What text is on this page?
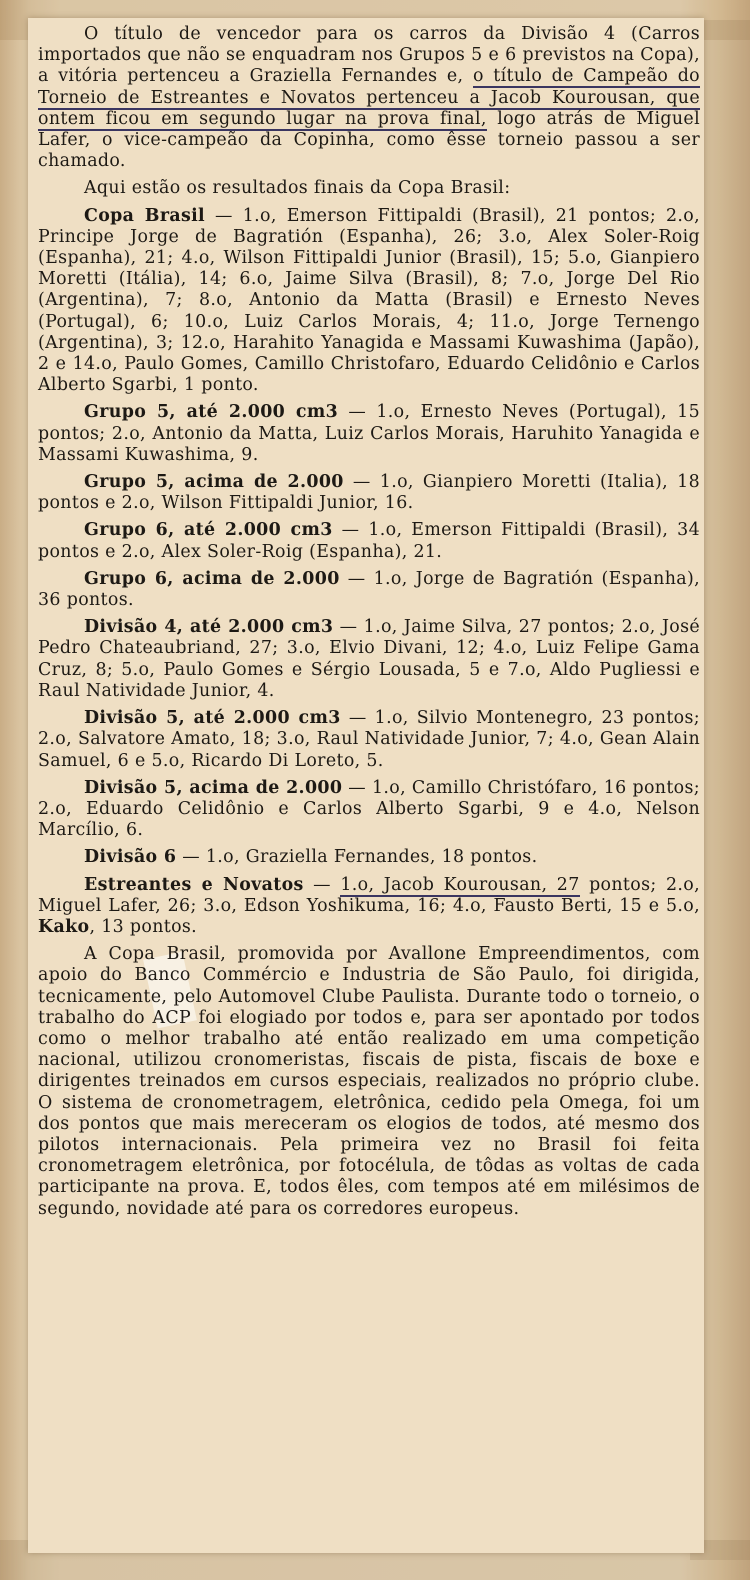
O título de vencedor para os carros da Divisão 4 (Carros importados que não se enquadram nos Grupos 5 e 6 previstos na Copa), a vitória pertenceu a Graziella Fernandes e, o título de Campeão do Torneio de Estreantes e Novatos pertenceu a Jacob Kourousan, que ontem ficou em segundo lugar na prova final, logo atrás de Miguel Lafer, o vice-campeão da Copinha, como êsse torneio passou a ser chamado.

Aqui estão os resultados finais da Copa Brasil:

Copa Brasil — 1.o, Emerson Fittipaldi (Brasil), 21 pontos; 2.o, Principe Jorge de Bagratión (Espanha), 26; 3.o, Alex Soler-Roig (Espanha), 21; 4.o, Wilson Fittipaldi Junior (Brasil), 15; 5.o, Gianpiero Moretti (Itália), 14; 6.o, Jaime Silva (Brasil), 8; 7.o, Jorge Del Rio (Argentina), 7; 8.o, Antonio da Matta (Brasil) e Ernesto Neves (Portugal), 6; 10.o, Luiz Carlos Morais, 4; 11.o, Jorge Ternengo (Argentina), 3; 12.o, Harahito Yanagida e Massami Kuwashima (Japão), 2 e 14.o, Paulo Gomes, Camillo Christofaro, Eduardo Celidônio e Carlos Alberto Sgarbi, 1 ponto.

Grupo 5, até 2.000 cm3 — 1.o, Ernesto Neves (Portugal), 15 pontos; 2.o, Antonio da Matta, Luiz Carlos Morais, Haruhito Yanagida e Massami Kuwashima, 9.

Grupo 5, acima de 2.000 — 1.o, Gianpiero Moretti (Italia), 18 pontos e 2.o, Wilson Fittipaldi Junior, 16.

Grupo 6, até 2.000 cm3 — 1.o, Emerson Fittipaldi (Brasil), 34 pontos e 2.o, Alex Soler-Roig (Espanha), 21.

Grupo 6, acima de 2.000 — 1.o, Jorge de Bagratión (Espanha), 36 pontos.

Divisão 4, até 2.000 cm3 — 1.o, Jaime Silva, 27 pontos; 2.o, José Pedro Chateaubriand, 27; 3.o, Elvio Divani, 12; 4.o, Luiz Felipe Gama Cruz, 8; 5.o, Paulo Gomes e Sérgio Lousada, 5 e 7.o, Aldo Pugliessi e Raul Natividade Junior, 4.

Divisão 5, até 2.000 cm3 — 1.o, Silvio Montenegro, 23 pontos; 2.o, Salvatore Amato, 18; 3.o, Raul Natividade Junior, 7; 4.o, Gean Alain Samuel, 6 e 5.o, Ricardo Di Loreto, 5.

Divisão 5, acima de 2.000 — 1.o, Camillo Christófaro, 16 pontos; 2.o, Eduardo Celidônio e Carlos Alberto Sgarbi, 9 e 4.o, Nelson Marcílio, 6.

Divisão 6 — 1.o, Graziella Fernandes, 18 pontos.

Estreantes e Novatos — 1.o, Jacob Kourousan, 27 pontos; 2.o, Miguel Lafer, 26; 3.o, Edson Yoshikuma, 16; 4.o, Fausto Berti, 15 e 5.o, Kako, 13 pontos.

A Copa Brasil, promovida por Avallone Empreendimentos, com apoio do Banco Commércio e Industria de São Paulo, foi dirigida, tecnicamente, pelo Automovel Clube Paulista. Durante todo o torneio, o trabalho do ACP foi elogiado por todos e, para ser apontado por todos como o melhor trabalho até então realizado em uma competição nacional, utilizou cronomeristas, fiscais de pista, fiscais de boxe e dirigentes treinados em cursos especiais, realizados no próprio clube. O sistema de cronometragem, eletrônica, cedido pela Omega, foi um dos pontos que mais mereceram os elogios de todos, até mesmo dos pilotos internacionais. Pela primeira vez no Brasil foi feita cronometragem eletrônica, por fotocélula, de tôdas as voltas de cada participante na prova. E, todos êles, com tempos até em milésimos de segundo, novidade até para os corredores europeus.
